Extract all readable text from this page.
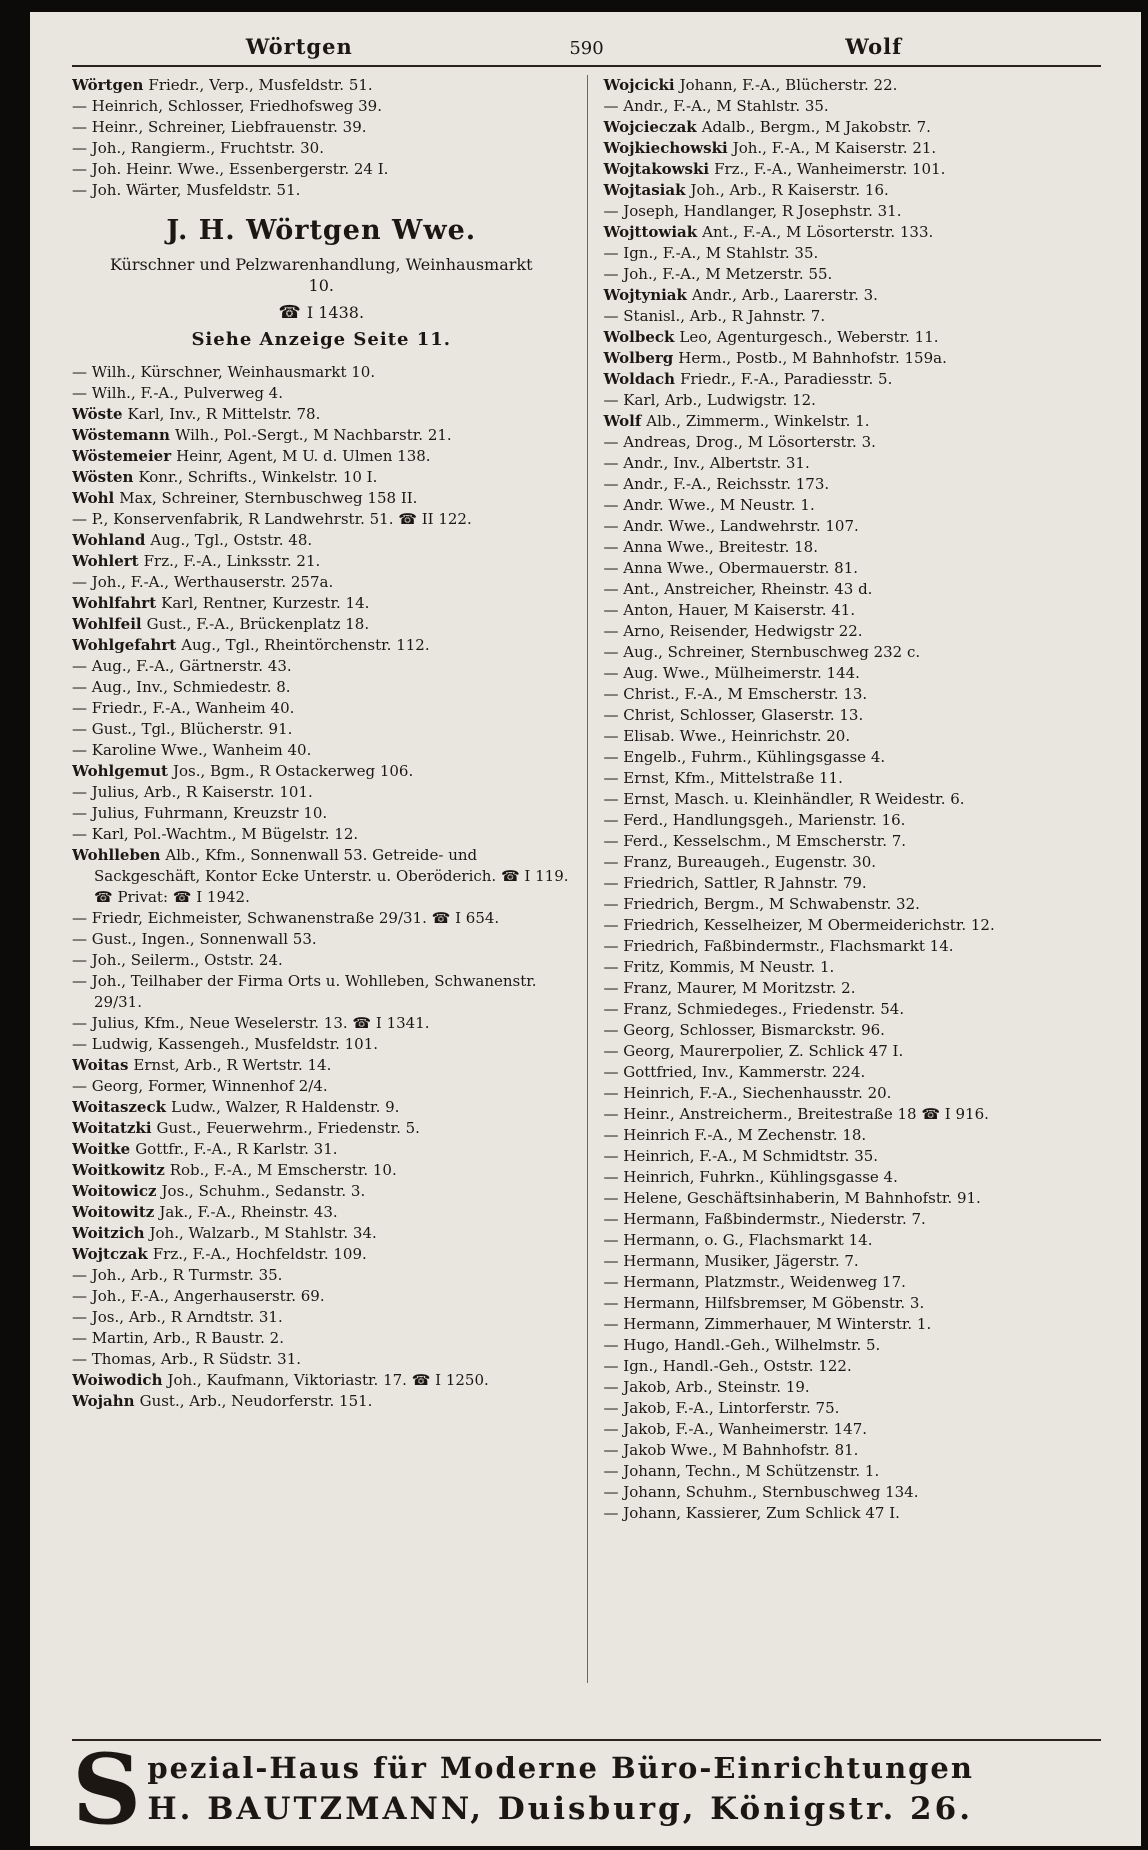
Wörtgen	590	Wolf

Wörtgen Friedr., Verp., Musfeldstr. 51.

— Heinrich, Schlosser, Friedhofsweg 39.

— Heinr., Schreiner, Liebfrauenstr. 39.

— Joh., Rangierm., Fruchtstr. 30.

— Joh. Heinr. Wwe., Essenbergerstr. 24 I.

— Joh. Wärter, Musfeldstr. 51.

J. H. Wörtgen Wwe.

Kürschner und Pelzwarenhandlung, Weinhausmarkt 10.

☎ I 1438.

Siehe Anzeige Seite 11.

— Wilh., Kürschner, Weinhausmarkt 10.

— Wilh., F.-A., Pulverweg 4.

Wöste Karl, Inv., R Mittelstr. 78.

Wöstemann Wilh., Pol.-Sergt., M Nachbarstr. 21.

Wöstemeier Heinr, Agent, M U. d. Ulmen 138.

Wösten Konr., Schrifts., Winkelstr. 10 I.

Wohl Max, Schreiner, Sternbuschweg 158 II.

— P., Konservenfabrik, R Landwehrstr. 51. ☎ II 122.

Wohland Aug., Tgl., Oststr. 48.

Wohlert Frz., F.-A., Linksstr. 21.

— Joh., F.-A., Werthauserstr. 257a.

Wohlfahrt Karl, Rentner, Kurzestr. 14.

Wohlfeil Gust., F.-A., Brückenplatz 18.

Wohlgefahrt Aug., Tgl., Rheintörchenstr. 112.

— Aug., F.-A., Gärtnerstr. 43.

— Aug., Inv., Schmiedestr. 8.

— Friedr., F.-A., Wanheim 40.

— Gust., Tgl., Blücherstr. 91.

— Karoline Wwe., Wanheim 40.

Wohlgemut Jos., Bgm., R Ostackerweg 106.

— Julius, Arb., R Kaiserstr. 101.

— Julius, Fuhrmann, Kreuzstr 10.

— Karl, Pol.-Wachtm., M Bügelstr. 12.

Wohlleben Alb., Kfm., Sonnenwall 53. Getreide- und Sackgeschäft, Kontor Ecke Unterstr. u. Oberöderich. ☎ I 119. ☎ Privat: ☎ I 1942.

— Friedr, Eichmeister, Schwanenstraße 29/31. ☎ I 654.

— Gust., Ingen., Sonnenwall 53.

— Joh., Seilerm., Oststr. 24.

— Joh., Teilhaber der Firma Orts u. Wohlleben, Schwanenstr. 29/31.

— Julius, Kfm., Neue Weselerstr. 13. ☎ I 1341.

— Ludwig, Kassengeh., Musfeldstr. 101.

Woitas Ernst, Arb., R Wertstr. 14.

— Georg, Former, Winnenhof 2/4.

Woitaszeck Ludw., Walzer, R Haldenstr. 9.

Woitatzki Gust., Feuerwehrm., Friedenstr. 5.

Woitke Gottfr., F.-A., R Karlstr. 31.

Woitkowitz Rob., F.-A., M Emscherstr. 10.

Woitowicz Jos., Schuhm., Sedanstr. 3.

Woitowitz Jak., F.-A., Rheinstr. 43.

Woitzich Joh., Walzarb., M Stahlstr. 34.

Wojtczak Frz., F.-A., Hochfeldstr. 109.

— Joh., Arb., R Turmstr. 35.

— Joh., F.-A., Angerhauserstr. 69.

— Jos., Arb., R Arndtstr. 31.

— Martin, Arb., R Baustr. 2.

— Thomas, Arb., R Südstr. 31.

Woiwodich Joh., Kaufmann, Viktoriastr. 17. ☎ I 1250.

Wojahn Gust., Arb., Neudorferstr. 151.

Wojcicki Johann, F.-A., Blücherstr. 22.

— Andr., F.-A., M Stahlstr. 35.

Wojcieczak Adalb., Bergm., M Jakobstr. 7.

Wojkiechowski Joh., F.-A., M Kaiserstr. 21.

Wojtakowski Frz., F.-A., Wanheimerstr. 101.

Wojtasiak Joh., Arb., R Kaiserstr. 16.

— Joseph, Handlanger, R Josephstr. 31.

Wojttowiak Ant., F.-A., M Lösorterstr. 133.

— Ign., F.-A., M Stahlstr. 35.

— Joh., F.-A., M Metzerstr. 55.

Wojtyniak Andr., Arb., Laarerstr. 3.

— Stanisl., Arb., R Jahnstr. 7.

Wolbeck Leo, Agenturgesch., Weberstr. 11.

Wolberg Herm., Postb., M Bahnhofstr. 159a.

Woldach Friedr., F.-A., Paradiesstr. 5.

— Karl, Arb., Ludwigstr. 12.

Wolf Alb., Zimmerm., Winkelstr. 1.

— Andreas, Drog., M Lösorterstr. 3.

— Andr., Inv., Albertstr. 31.

— Andr., F.-A., Reichsstr. 173.

— Andr. Wwe., M Neustr. 1.

— Andr. Wwe., Landwehrstr. 107.

— Anna Wwe., Breitestr. 18.

— Anna Wwe., Obermauerstr. 81.

— Ant., Anstreicher, Rheinstr. 43 d.

— Anton, Hauer, M Kaiserstr. 41.

— Arno, Reisender, Hedwigstr 22.

— Aug., Schreiner, Sternbuschweg 232 c.

— Aug. Wwe., Mülheimerstr. 144.

— Christ., F.-A., M Emscherstr. 13.

— Christ, Schlosser, Glaserstr. 13.

— Elisab. Wwe., Heinrichstr. 20.

— Engelb., Fuhrm., Kühlingsgasse 4.

— Ernst, Kfm., Mittelstraße 11.

— Ernst, Masch. u. Kleinhändler, R Weidestr. 6.

— Ferd., Handlungsgeh., Marienstr. 16.

— Ferd., Kesselschm., M Emscherstr. 7.

— Franz, Bureaugeh., Eugenstr. 30.

— Friedrich, Sattler, R Jahnstr. 79.

— Friedrich, Bergm., M Schwabenstr. 32.

— Friedrich, Kesselheizer, M Obermeiderichstr. 12.

— Friedrich, Faßbindermstr., Flachsmarkt 14.

— Fritz, Kommis, M Neustr. 1.

— Franz, Maurer, M Moritzstr. 2.

— Franz, Schmiedeges., Friedenstr. 54.

— Georg, Schlosser, Bismarckstr. 96.

— Georg, Maurerpolier, Z. Schlick 47 I.

— Gottfried, Inv., Kammerstr. 224.

— Heinrich, F.-A., Siechenhausstr. 20.

— Heinr., Anstreicherm., Breitestraße 18 ☎ I 916.

— Heinrich F.-A., M Zechenstr. 18.

— Heinrich, F.-A., M Schmidtstr. 35.

— Heinrich, Fuhrkn., Kühlingsgasse 4.

— Helene, Geschäftsinhaberin, M Bahnhofstr. 91.

— Hermann, Faßbindermstr., Niederstr. 7.

— Hermann, o. G., Flachsmarkt 14.

— Hermann, Musiker, Jägerstr. 7.

— Hermann, Platzmstr., Weidenweg 17.

— Hermann, Hilfsbremser, M Göbenstr. 3.

— Hermann, Zimmerhauer, M Winterstr. 1.

— Hugo, Handl.-Geh., Wilhelmstr. 5.

— Ign., Handl.-Geh., Oststr. 122.

— Jakob, Arb., Steinstr. 19.

— Jakob, F.-A., Lintorferstr. 75.

— Jakob, F.-A., Wanheimerstr. 147.

— Jakob Wwe., M Bahnhofstr. 81.

— Johann, Techn., M Schützenstr. 1.

— Johann, Schuhm., Sternbuschweg 134.

— Johann, Kassierer, Zum Schlick 47 I.

S pezial-Haus für Moderne Büro-Einrichtungen
H. BAUTZMANN, Duisburg, Königstr. 26.
